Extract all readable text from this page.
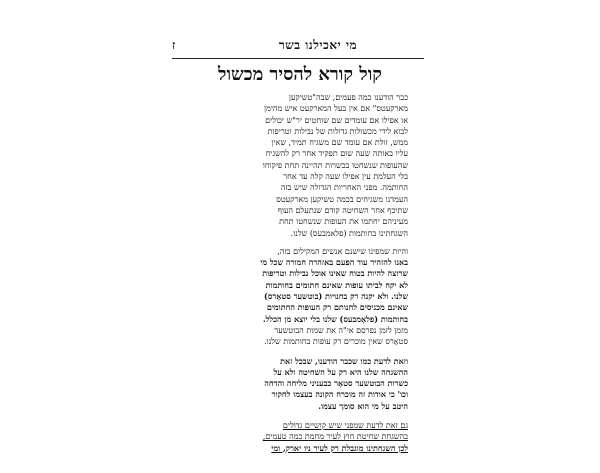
מי יאכילנו בשר
ז
קול קורא להסיר מכשול

כבר הודענו כמה פעמים, שבה"טשיקען
מארקעטס" אם אין בעל המארקעט איש מהימן
או אפילו אם עומדים שם שוחטים יר"ש יכולים
לבוא לידי מכשולות גדולות של נבילות וטריפות
ממש, זולת אם עומד שם משגיח תמיד, שאין
עליו באותה שעה שום תפקיד אחר רק להשגיח
שהעופות שנשחטו בכשרות תהיינה תחת פיקוחו
בלי העלמת עין אפילו שעה קלה עד אחר
החותמה. מפני האחריות הגדולה שיש בזה
העמדנו משגיחים בכמה טשיקען מארקעטס
שתיכף אחר השחיטה קודם שנתעלם העוף
מעיניהם יחתמו את העופות שנשחטו תחת
השגחתינו בחותמות (פלאמבעס) שלנו.

והיות שמפינו שישנם אנשים המקילים בזה,
באנו להזהיר עוד הפעם באזהרה חמורה שכל מי
שרוצה להיות בטוח שאינו אוכל נבילות וטריפות
לא יקח לביתו עופות שאינם חתומים בחותמות
שלנו. ולא יקנה רק בחנויות (בוטשער סטאָרס)
שאינם מכניסים לחנותם רק העופות החתומים
בחותמות (פלאָמבעס) שלנו בלי יוצא מן הכלל.
מזמן לזמן נפרסם אי"ה את שמות הבוטשער
סטאָרס שאין מוכרים רק עופות בחותמות שלנו.

וזאת לדעת כמו שכבר הודענו, שבכל זאת
ההשגחה שלנו היא רק על השחיטה ולא על
כשרות הבוטשער סטאָר כבעניני מליחה והדחה
וכו' כי אודות זה מוכרח הקונה בעצמו לחקור
היטב על מי הוא סומך עצמו.

גם זאת לדעת שמפני שיש קושיים גדולים
בהשגחת שחיטת חוץ לעיר מחמת כמה טעמים,
לכן השגחתינו מוגבלת רק לעיר ניו יארק, ומי
